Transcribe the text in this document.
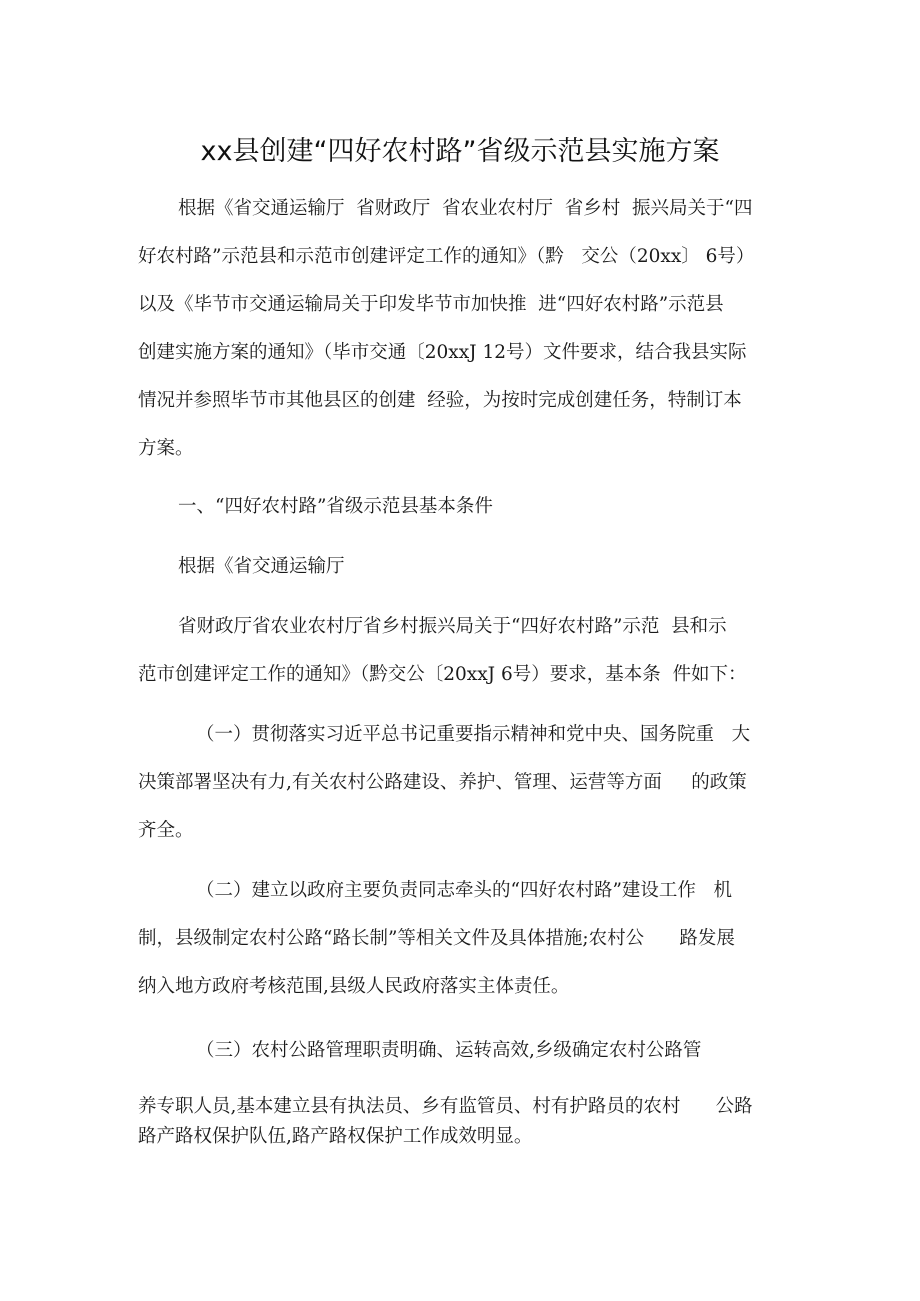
xx县创建“四好农村路”省级示范县实施方案
根据《省交通运输厅  省财政厅  省农业农村厅  省乡村  振兴局关于“四
好农村路”示范县和示范市创建评定工作的通知》（黔   交公（20xx〕 6号）
以及《毕节市交通运输局关于印发毕节市加快推  进“四好农村路”示范县
创建实施方案的通知》（毕市交通〔20xxJ 12号）文件要求，结合我县实际
情况并参照毕节市其他县区的创建  经验，为按时完成创建任务，特制订本
方案。
一、“四好农村路”省级示范县基本条件
根据《省交通运输厅
省财政厅省农业农村厅省乡村振兴局关于“四好农村路”示范  县和示
范市创建评定工作的通知》（黔交公〔20xxJ 6号）要求，基本条  件如下：
（一）贯彻落实习近平总书记重要指示精神和党中央、国务院重   大
决策部署坚决有力,有关农村公路建设、养护、管理、运营等方面     的政策
齐全。
（二）建立以政府主要负责同志牵头的“四好农村路”建设工作   机
制，县级制定农村公路“路长制”等相关文件及具体措施;农村公      路发展
纳入地方政府考核范围,县级人民政府落实主体责任。
（三）农村公路管理职责明确、运转高效,乡级确定农村公路管
养专职人员,基本建立县有执法员、乡有监管员、村有护路员的农村      公路
路产路权保护队伍,路产路权保护工作成效明显。
